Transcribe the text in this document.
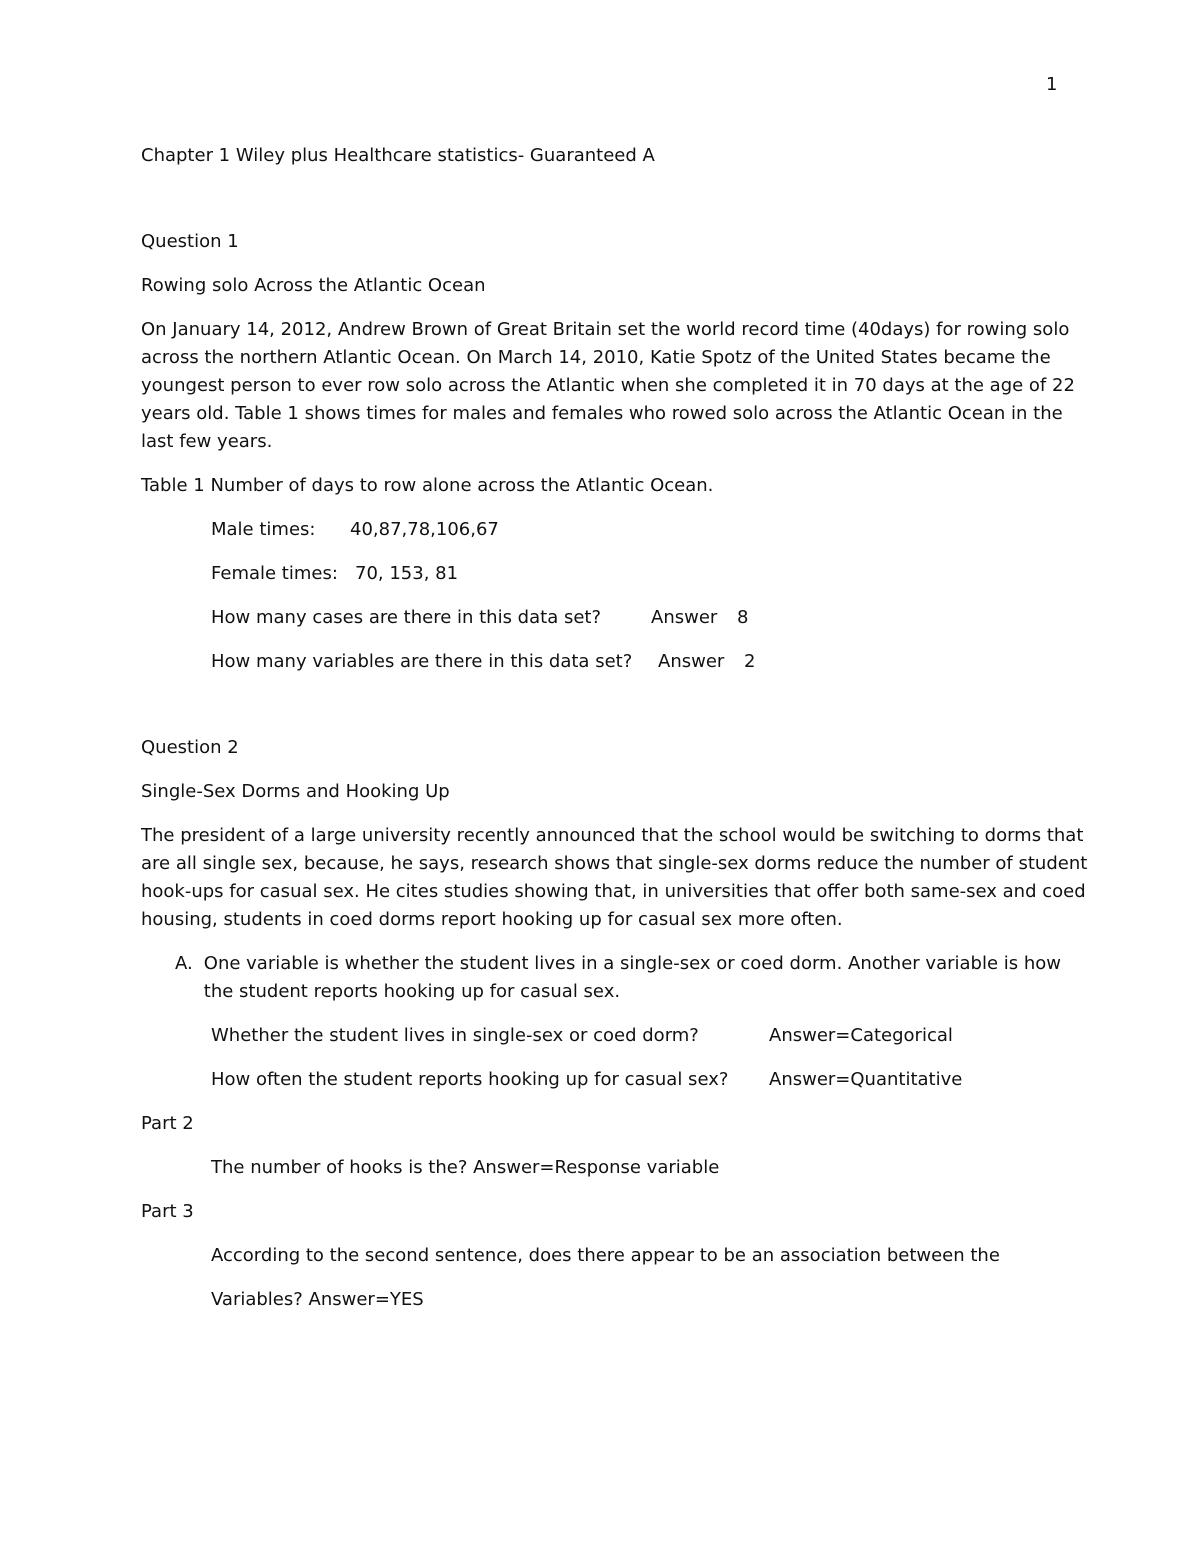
1

Chapter 1 Wiley plus Healthcare statistics- Guaranteed A

Question 1

Rowing solo Across the Atlantic Ocean

On January 14, 2012, Andrew Brown of Great Britain set the world record time (40days) for rowing solo
across the northern Atlantic Ocean. On March 14, 2010, Katie Spotz of the United States became the
youngest person to ever row solo across the Atlantic when she completed it in 70 days at the age of 22
years old. Table 1 shows times for males and females who rowed solo across the Atlantic Ocean in the
last few years.

Table 1 Number of days to row alone across the Atlantic Ocean.

Male times:	40,87,78,106,67
Female times: 70, 153, 81
How many cases are there in this data set?	Answer	8
How many variables are there in this data set?	Answer	2

Question 2

Single-Sex Dorms and Hooking Up

The president of a large university recently announced that the school would be switching to dorms that
are all single sex, because, he says, research shows that single-sex dorms reduce the number of student
hook-ups for casual sex. He cites studies showing that, in universities that offer both same-sex and coed
housing, students in coed dorms report hooking up for casual sex more often.
A. One variable is whether the student lives in a single-sex or coed dorm. Another variable is how
the student reports hooking up for casual sex.
Whether the student lives in single-sex or coed dorm?	Answer=Categorical
How often the student reports hooking up for casual sex?	Answer=Quantitative

Part 2

The number of hooks is the? Answer=Response variable

Part 3

According to the second sentence, does there appear to be an association between the

Variables? Answer=YES
